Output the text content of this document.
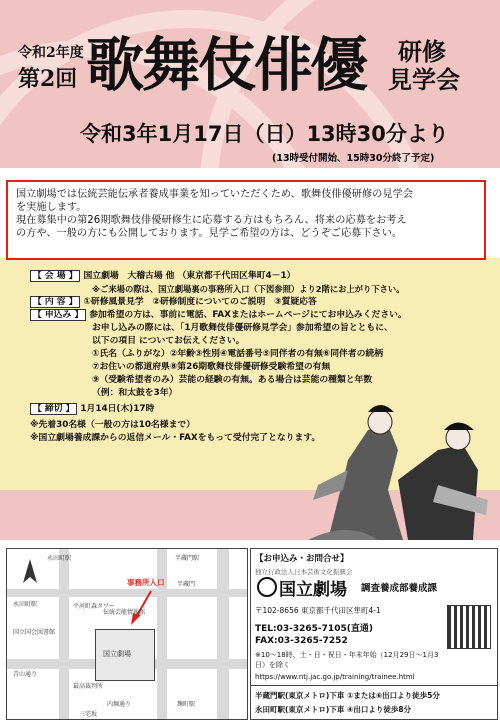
令和2年度
第2回 歌舞伎俳優 研修
見学会
令和3年1月17日（日）13時30分より
(13時受付開始、15時30分終了予定)
国立劇場では伝統芸能伝承者養成事業を知っていただくため、歌舞伎俳優研修の見学会
を実施します。
現在募集中の第26期歌舞伎俳優研修生に応募する方はもちろん、将来の応募をお考え
の方や、一般の方にも公開しております。見学ご希望の方は、どうぞご応募下さい。
【 会 場 】 国立劇場　大稽古場 他 （東京都千代田区隼町4－1）
※ご来場の際は、国立劇場裏の事務所入口（下図参照）より2階にお上がり下さい。
【 内 容 】 ①研修風景見学　②研修制度についてのご説明　③質疑応答
【 申込み 】 参加希望の方は、事前に電話、FAXまたはホームページにてお申込みください。
お申し込みの際には、「1月歌舞伎俳優研修見学会」参加希望の旨とともに、
以下の項目 についてお伝えください。
①氏名（ふりがな）②年齢③性別④電話番号⑤同伴者の有無⑥同伴者の続柄
⑦お住いの都道府県⑧第26期歌舞伎俳優研修受験希望の有無
⑨（受験希望者のみ）芸能の経験の有無。ある場合は芸能の種類と年数
（例：和太鼓を3年）
【 締切 】 1月14日(木)17時
※先着30名様（一般の方は10名様まで）
※国立劇場養成課からの返信メール・FAXをもって受付完了となります。
国立劇場
事務所入口
永田町駅	半蔵門駅
国立国会図書館
最高裁判所
平河町森タワー
伝統芸能情報館
内堀通り
三宅坂
青山通り
永田町駅
麹町駅
半蔵門
【お申込み・お問合せ】
独立行政法人日本芸術文化振興会
国立劇場 調査養成部養成課
〒102-8656 東京都千代田区隼町4-1
TEL:03-3265-7105(直通)
FAX:03-3265-7252
※10～18時、土・日・祝日・年末年始（12月29日～1月3日）を除く
https://www.ntj.jac.go.jp/training/trainee.html
半蔵門駅(東京メトロ)下車 ①または⑥出口より徒歩5分
永田町駅(東京メトロ)下車 ④出口より徒歩8分
